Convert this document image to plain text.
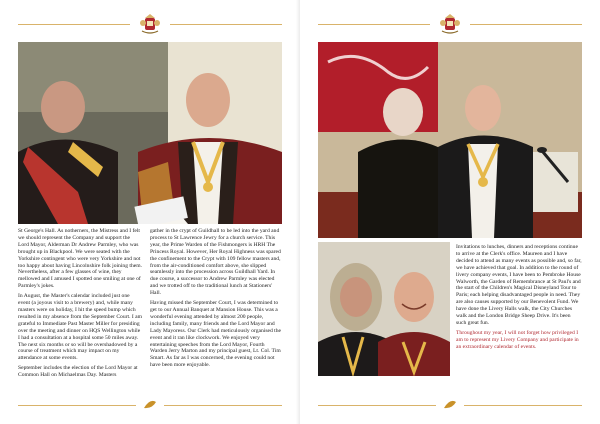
St George's Hall. As notherners, the Mistress and I felt we should represent the Company and support the Lord Mayor, Alderman Dr Andrew Parmley, who was brought up in Blackpool. We were seated with the Yorkshire contingent who were very Yorkshire and not too happy about having Lincolnshire folk joining them. Nevertheless, after a few glasses of wine, they mellowed and I amused I spotted one smiling at one of Parmley's jokes.

In August, the Master's calendar included just one event (a joyous visit to a brewery) and, while many masters were on holiday, I hit the speed bump which resulted in my absence from the September Court. I am grateful to Immediate Past Master Miller for presiding over the meeting and dinner on HQS Wellington while I had a consultation at a hospital some 50 miles away. The next six months or so will be overshadowed by a course of treatment which may impact on my attendance at some events.

September includes the election of the Lord Mayor at Common Hall on Michaelmas Day. Masters

gather in the crypt of Guildhall to be led into the yard and process to St Lawrence Jewry for a church service. This year, the Prime Warden of the Fishmongers is HRH The Princess Royal. However, Her Royal Highness was spared the confinement to the Crypt with 109 fellow masters and, from the air-conditioned comfort above, she slipped seamlessly into the procession across Guildhall Yard. In due course, a successor to Andrew Parmley was elected and we trotted off to the traditional lunch at Stationers' Hall.

Having missed the September Court, I was determined to get to our Annual Banquet at Mansion House. This was a wonderful evening attended by almost 200 people, including family, many friends and the Lord Mayor and Lady Mayoress. Our Clerk had meticulously organised the event and it ran like clockwork. We enjoyed very entertaining speeches from the Lord Mayor, Fourth Warden Jerry Marton and my principal guest, Lt. Col. Tim Smart. As far as I was concerned, the evening could not have been more enjoyable.

Invitations to lunches, dinners and receptions continue to arrive at the Clerk's office. Maureen and I have decided to attend as many events as possible and, so far, we have achieved that goal. In addition to the round of livery company events, I have been to Pembroke House Walworth, the Garden of Remembrance at St Paul's and the start of the Children's Magical Disneyland Tour to Paris; each helping disadvantaged people in need. They are also causes supported by our Benevolent Fund. We have done the Livery Halls walk, the City Churches walk and the London Bridge Sheep Drive. It's been such great fun.

Throughout my year, I will not forget how privileged I am to represent my Livery Company and participate in an extraordinary calendar of events.
